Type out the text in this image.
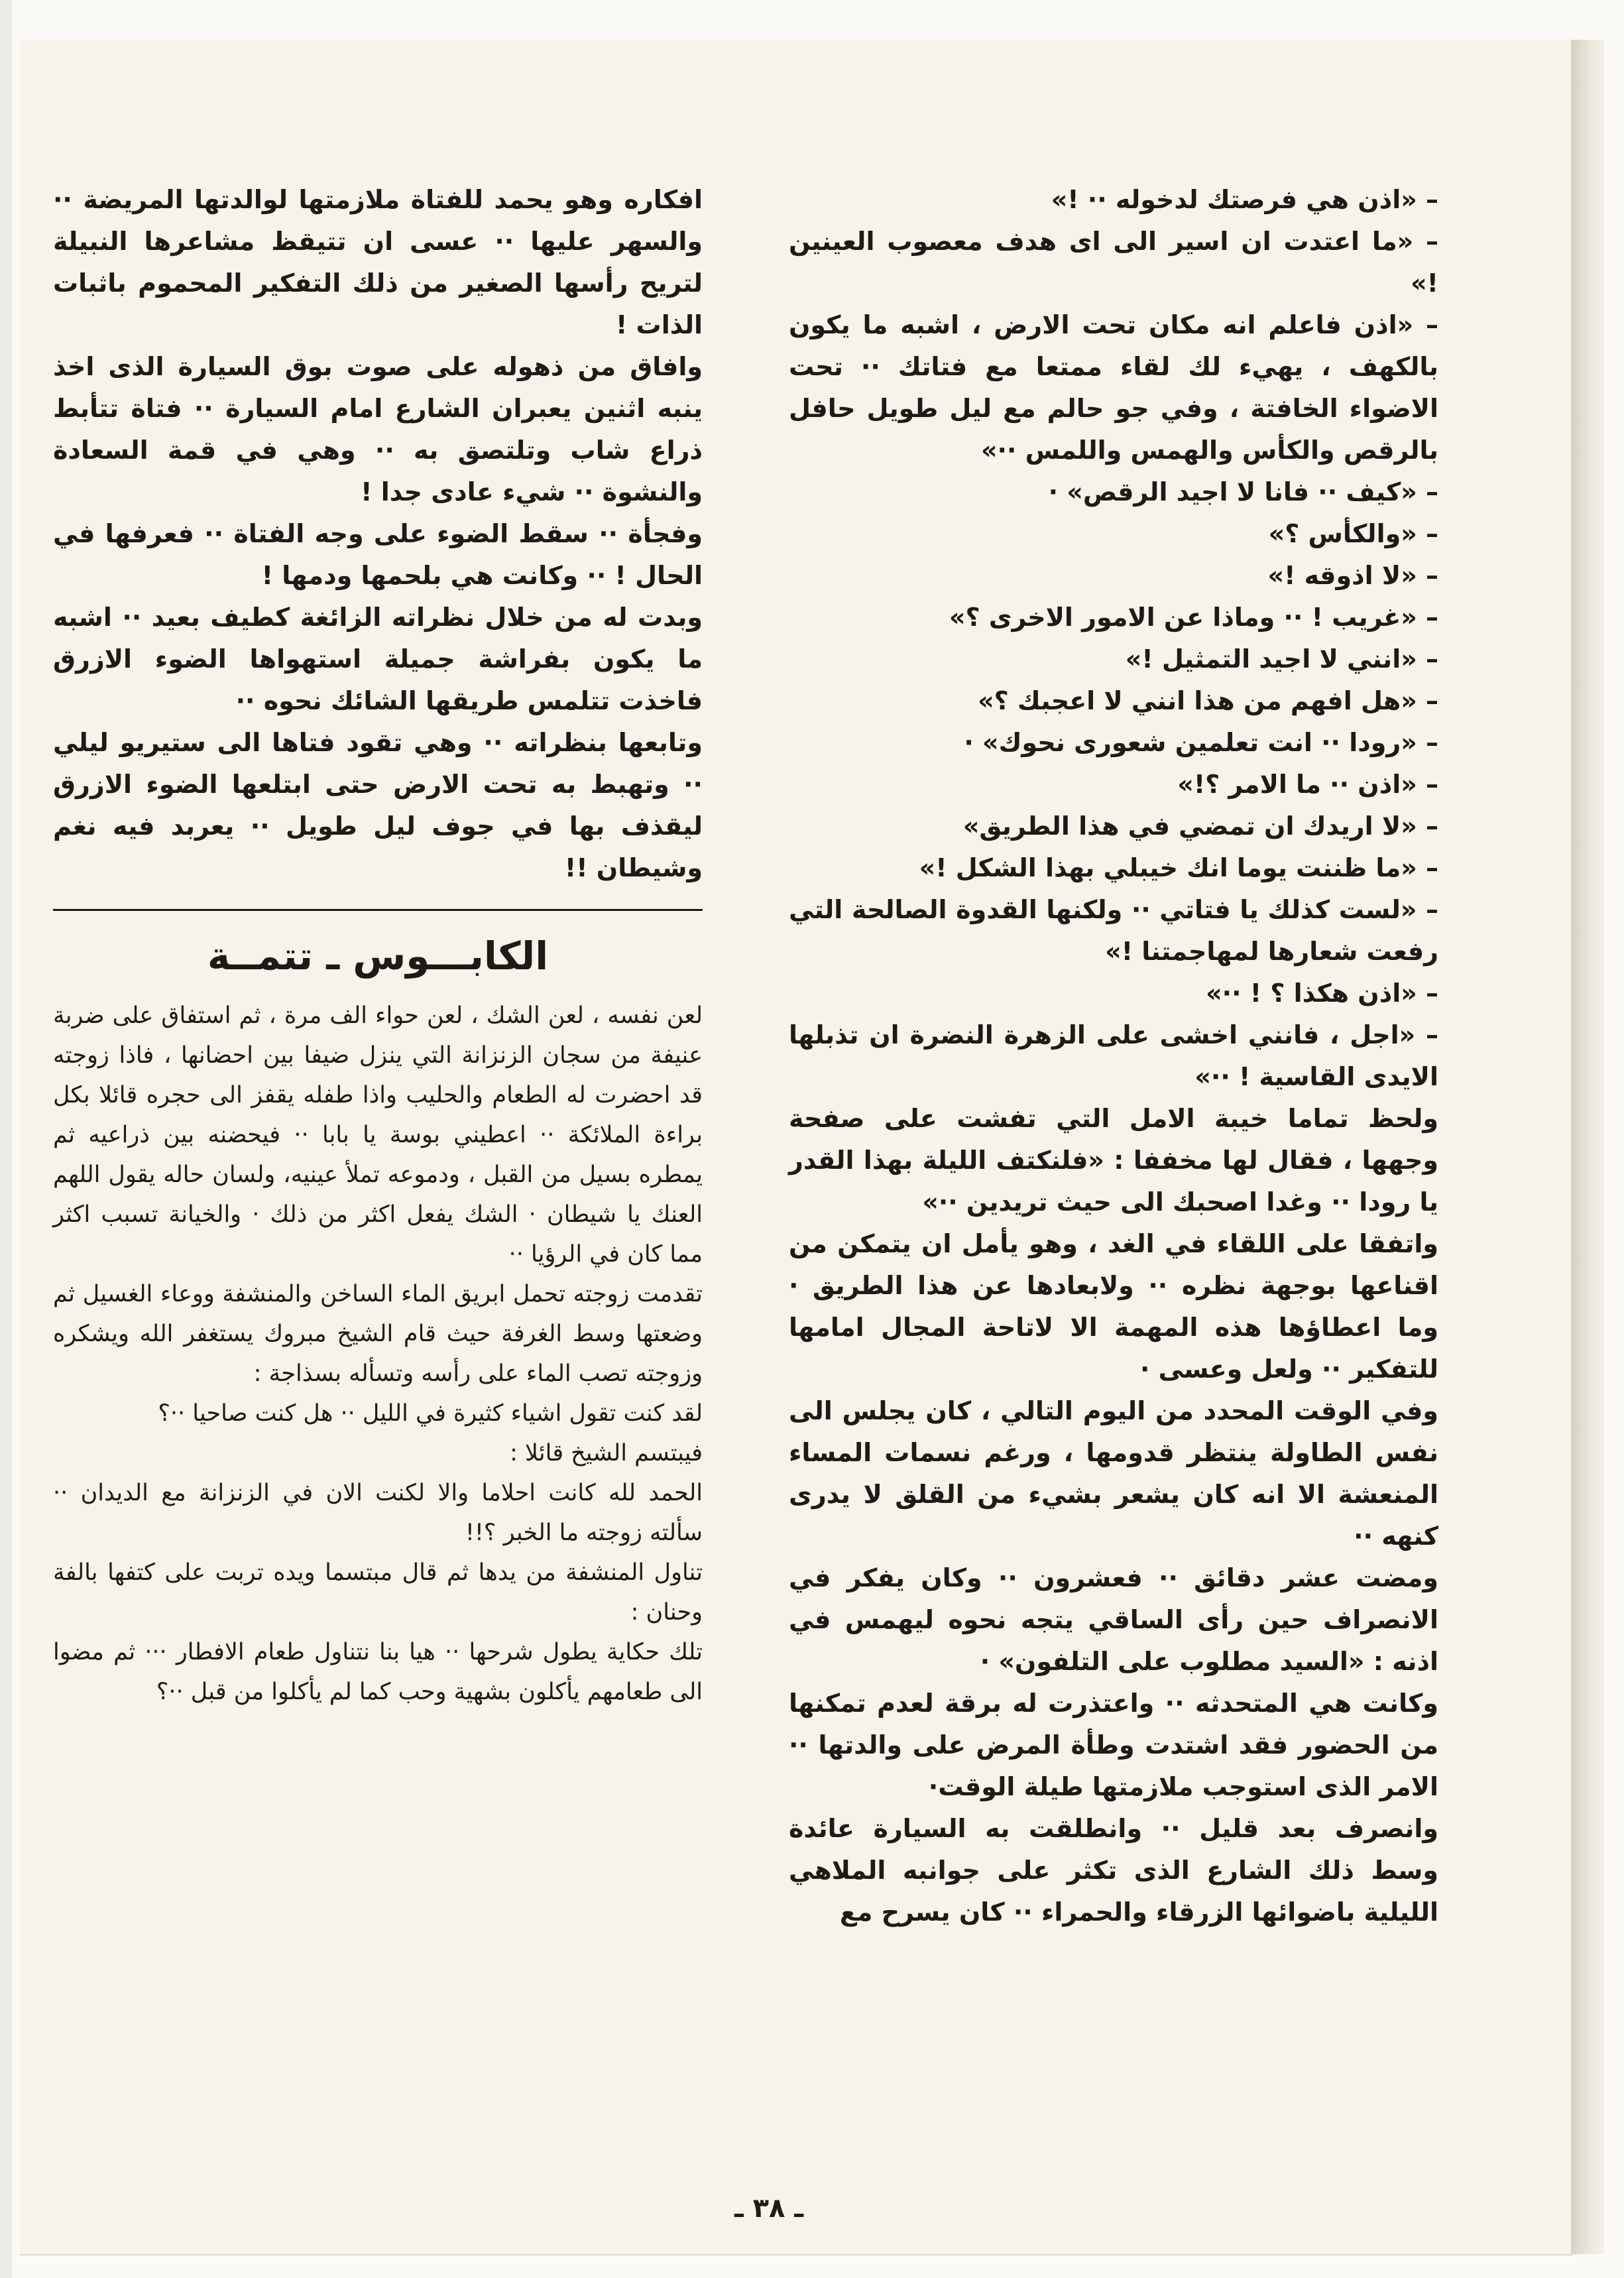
– «اذن هي فرصتك لدخوله ·· !»

– «ما اعتدت ان اسير الى اى هدف معصوب العينين !»

– «اذن فاعلم انه مكان تحت الارض ، اشبه ما يكون بالكهف ، يهيء لك لقاء ممتعا مع فتاتك ·· تحت الاضواء الخافتة ، وفي جو حالم مع ليل طويل حافل بالرقص والكأس والهمس واللمس ··»

– «كيف ·· فانا لا اجيد الرقص» ·

– «والكأس ؟»

– «لا اذوقه !»

– «غريب ! ·· وماذا عن الامور الاخرى ؟»

– «انني لا اجيد التمثيل !»

– «هل افهم من هذا انني لا اعجبك ؟»

– «رودا ·· انت تعلمين شعورى نحوك» ·

– «اذن ·· ما الامر ؟!»

– «لا اريدك ان تمضي في هذا الطريق»

– «ما ظننت يوما انك خيبلي بهذا الشكل !»

– «لست كذلك يا فتاتي ·· ولكنها القدوة الصالحة التي رفعت شعارها لمهاجمتنا !»

– «اذن هكذا ؟ ! ··»

– «اجل ، فانني اخشى على الزهرة النضرة ان تذبلها الايدى القاسية ! ··»

ولحظ تماما خيبة الامل التي تفشت على صفحة وجهها ، فقال لها مخففا : «فلنكتف الليلة بهذا القدر يا رودا ·· وغدا اصحبك الى حيث تريدين ··»

واتفقا على اللقاء في الغد ، وهو يأمل ان يتمكن من اقناعها بوجهة نظره ·· ولابعادها عن هذا الطريق · وما اعطاؤها هذه المهمة الا لاتاحة المجال امامها للتفكير ·· ولعل وعسى ·

وفي الوقت المحدد من اليوم التالي ، كان يجلس الى نفس الطاولة ينتظر قدومها ، ورغم نسمات المساء المنعشة الا انه كان يشعر بشيء من القلق لا يدرى كنهه ··

ومضت عشر دقائق ·· فعشرون ·· وكان يفكر في الانصراف حين رأى الساقي يتجه نحوه ليهمس في اذنه : «السيد مطلوب على التلفون» ·

وكانت هي المتحدثه ·· واعتذرت له برقة لعدم تمكنها من الحضور فقد اشتدت وطأة المرض على والدتها ·· الامر الذى استوجب ملازمتها طيلة الوقت·

وانصرف بعد قليل ·· وانطلقت به السيارة عائدة وسط ذلك الشارع الذى تكثر على جوانبه الملاهي الليلية باضوائها الزرقاء والحمراء ·· كان يسرح مع

افكاره وهو يحمد للفتاة ملازمتها لوالدتها المريضة ·· والسهر عليها ·· عسى ان تتيقظ مشاعرها النبيلة لتريح رأسها الصغير من ذلك التفكير المحموم باثبات الذات !

وافاق من ذهوله على صوت بوق السيارة الذى اخذ ينبه اثنين يعبران الشارع امام السيارة ·· فتاة تتأبط ذراع شاب وتلتصق به ·· وهي في قمة السعادة والنشوة ·· شيء عادى جدا !

وفجأة ·· سقط الضوء على وجه الفتاة ·· فعرفها في الحال ! ·· وكانت هي بلحمها ودمها !

وبدت له من خلال نظراته الزائغة كطيف بعيد ·· اشبه ما يكون بفراشة جميلة استهواها الضوء الازرق فاخذت تتلمس طريقها الشائك نحوه ··

وتابعها بنظراته ·· وهي تقود فتاها الى ستيريو ليلي ·· وتهبط به تحت الارض حتى ابتلعها الضوء الازرق ليقذف بها في جوف ليل طويل ·· يعربد فيه نغم وشيطان !!

الكابـــوس ـ تتمــة

لعن نفسه ، لعن الشك ، لعن حواء الف مرة ، ثم استفاق على ضربة عنيفة من سجان الزنزانة التي ينزل ضيفا بين احضانها ، فاذا زوجته قد احضرت له الطعام والحليب واذا طفله يقفز الى حجره قائلا بكل براءة الملائكة ·· اعطيني بوسة يا بابا ·· فيحضنه بين ذراعيه ثم يمطره بسيل من القبل ، ودموعه تملأ عينيه، ولسان حاله يقول اللهم العنك يا شيطان · الشك يفعل اكثر من ذلك · والخيانة تسبب اكثر مما كان في الرؤيا ··

تقدمت زوجته تحمل ابريق الماء الساخن والمنشفة ووعاء الغسيل ثم وضعتها وسط الغرفة حيث قام الشيخ مبروك يستغفر الله ويشكره وزوجته تصب الماء على رأسه وتسأله بسذاجة :

لقد كنت تقول اشياء كثيرة في الليل ·· هل كنت صاحيا ··؟

فيبتسم الشيخ قائلا :

الحمد لله كانت احلاما والا لكنت الان في الزنزانة مع الديدان ·· سألته زوجته ما الخبر ؟!!

تناول المنشفة من يدها ثم قال مبتسما ويده تربت على كتفها بالفة وحنان :

تلك حكاية يطول شرحها ·· هيا بنا نتناول طعام الافطار ··· ثم مضوا الى طعامهم يأكلون بشهية وحب كما لم يأكلوا من قبل ··؟

ـ ٣٨ ـ
